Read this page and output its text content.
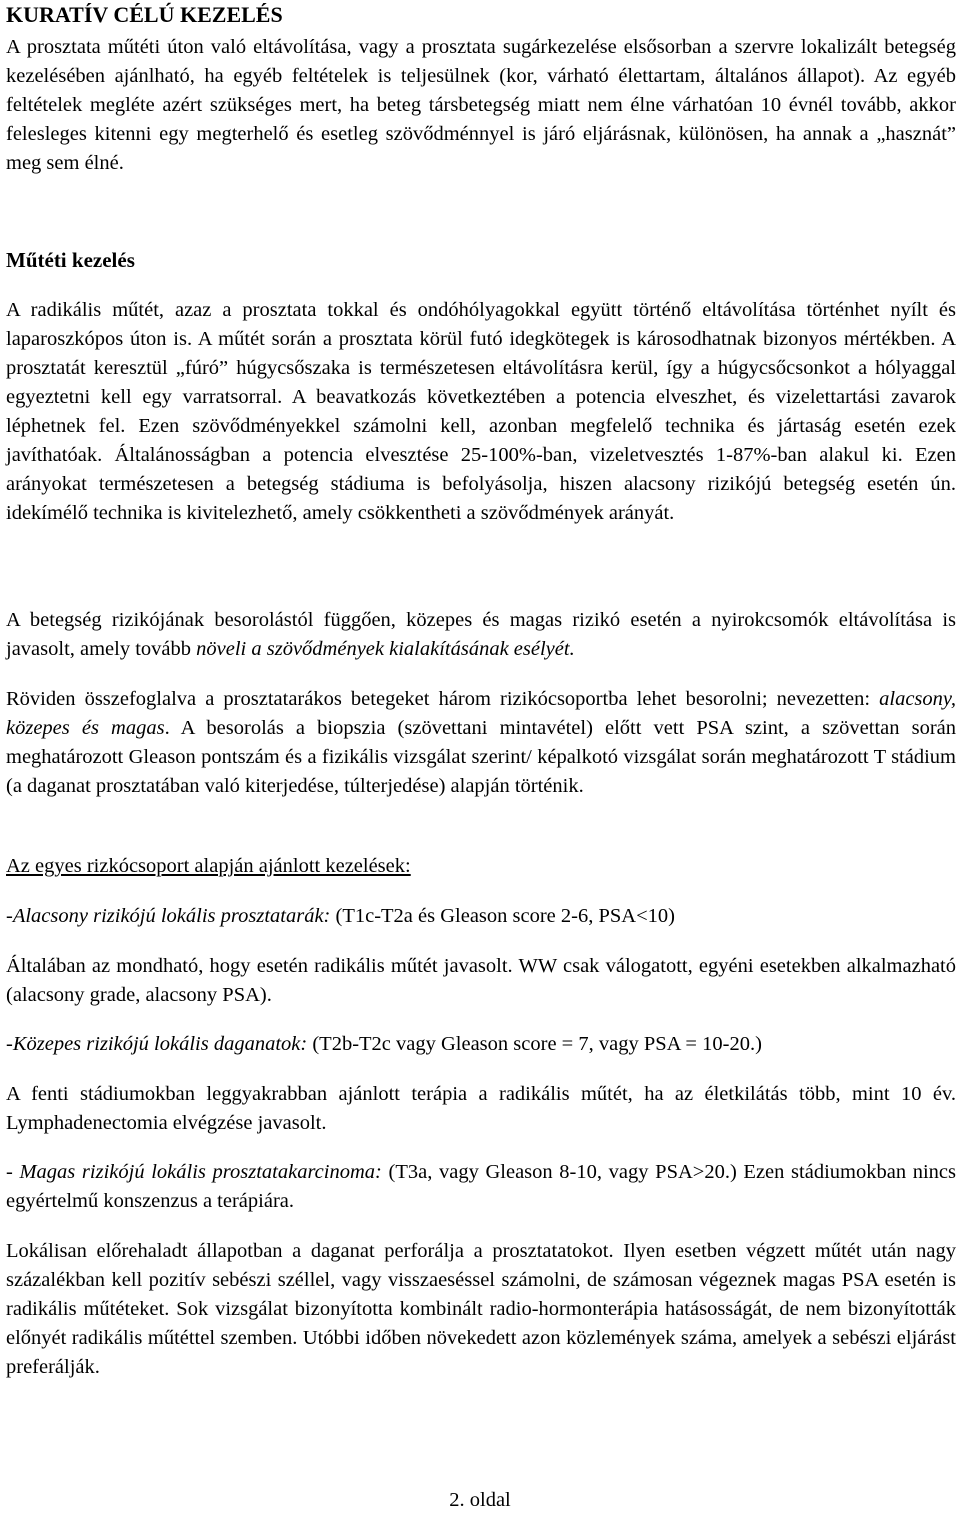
KURATÍV CÉLÚ KEZELÉS

A prosztata műtéti úton való eltávolítása, vagy a prosztata sugárkezelése elsősorban a szervre lokalizált betegség kezelésében ajánlható, ha egyéb feltételek is teljesülnek (kor, várható élettartam, általános állapot). Az egyéb feltételek megléte azért szükséges mert, ha beteg társbetegség miatt nem élne várhatóan 10 évnél tovább, akkor felesleges kitenni egy megterhelő és esetleg szövődménnyel is járó eljárásnak, különösen, ha annak a „hasznát” meg sem élné.

Műtéti kezelés

A radikális műtét, azaz a prosztata tokkal és ondóhólyagokkal együtt történő eltávolítása történhet nyílt és laparoszkópos úton is. A műtét során a prosztata körül futó idegkötegek is károsodhatnak bizonyos mértékben. A prosztatát keresztül „fúró” húgycsőszaka is természetesen eltávolításra kerül, így a húgycsőcsonkot a hólyaggal egyeztetni kell egy varratsorral. A beavatkozás következtében a potencia elveszhet, és vizelettartási zavarok léphetnek fel. Ezen szövődményekkel számolni kell, azonban megfelelő technika és jártaság esetén ezek javíthatóak. Általánosságban a potencia elvesztése 25-100%-ban, vizeletvesztés 1-87%-ban alakul ki. Ezen arányokat természetesen a betegség stádiuma is befolyásolja, hiszen alacsony rizikójú betegség esetén ún. idekímélő technika is kivitelezhető, amely csökkentheti a szövődmények arányát.

A betegség rizikójának besorolástól függően, közepes és magas rizikó esetén a nyirokcsomók eltávolítása is javasolt, amely tovább növeli a szövődmények kialakításának esélyét.

Röviden összefoglalva a prosztatarákos betegeket három rizikócsoportba lehet besorolni; nevezetten: alacsony, közepes és magas. A besorolás a biopszia (szövettani mintavétel) előtt vett PSA szint, a szövettan során meghatározott Gleason pontszám és a fizikális vizsgálat szerint/ képalkotó vizsgálat során meghatározott T stádium (a daganat prosztatában való kiterjedése, túlterjedése) alapján történik.

Az egyes rizkócsoport alapján ajánlott kezelések:

-Alacsony rizikójú lokális prosztatarák: (T1c-T2a és Gleason score 2-6, PSA<10)

Általában az mondható, hogy esetén radikális műtét javasolt. WW csak válogatott, egyéni esetekben alkalmazható (alacsony grade, alacsony PSA).

-Közepes rizikójú lokális daganatok: (T2b-T2c vagy Gleason score = 7, vagy PSA = 10-20.)

A fenti stádiumokban leggyakrabban ajánlott terápia a radikális műtét, ha az életkilátás több, mint 10 év. Lymphadenectomia elvégzése javasolt.

- Magas rizikójú lokális prosztatakarcinoma: (T3a, vagy Gleason 8-10, vagy PSA>20.) Ezen stádiumokban nincs egyértelmű konszenzus a terápiára.

Lokálisan előrehaladt állapotban a daganat perforálja a prosztatatokot. Ilyen esetben végzett műtét után nagy százalékban kell pozitív sebészi széllel, vagy visszaeséssel számolni, de számosan végeznek magas PSA esetén is radikális műtéteket. Sok vizsgálat bizonyította kombinált radio-hormonterápia hatásosságát, de nem bizonyították előnyét radikális műtéttel szemben. Utóbbi időben növekedett azon közlemények száma, amelyek a sebészi eljárást preferálják.

2. oldal
